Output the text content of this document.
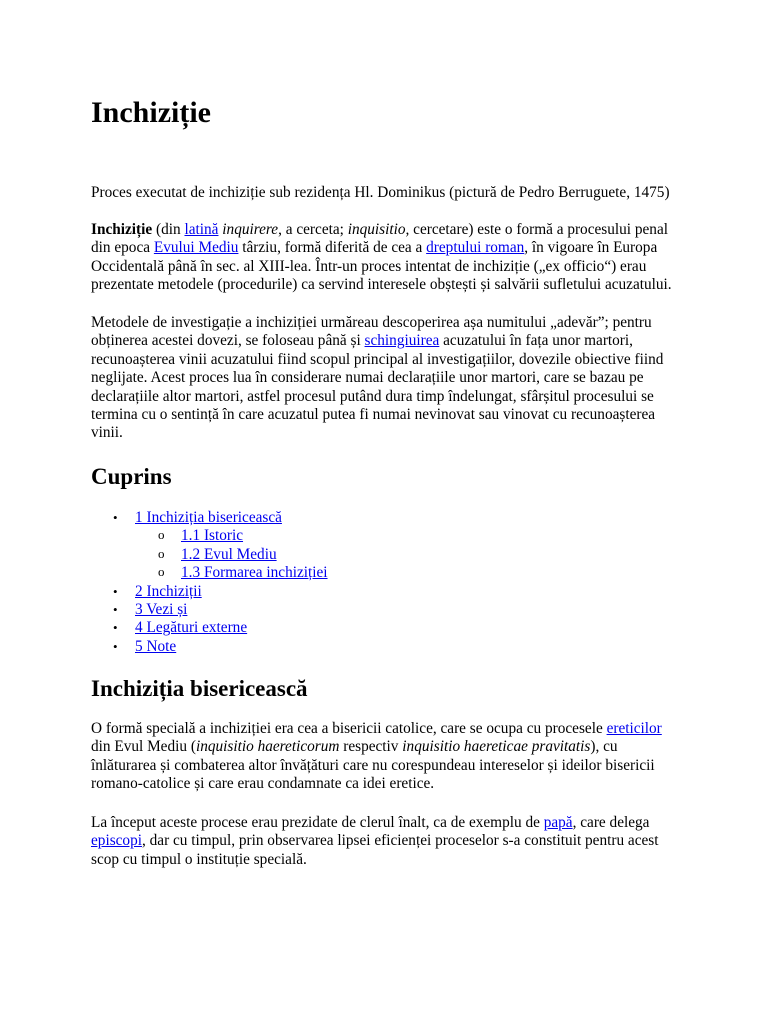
Inchiziție

Proces executat de inchiziție sub rezidența Hl. Dominikus (pictură de Pedro Berruguete, 1475)

Inchiziție (din latină inquirere, a cerceta; inquisitio, cercetare) este o formă a procesului penal din epoca Evului Mediu târziu, formă diferită de cea a dreptului roman, în vigoare în Europa Occidentală până în sec. al XIII-lea. Într-un proces intentat de inchiziție („ex officio“) erau prezentate metodele (procedurile) ca servind interesele obștești și salvării sufletului acuzatului.

Metodele de investigație a inchiziției urmăreau descoperirea așa numitului „adevăr”; pentru obținerea acestei dovezi, se foloseau până și schingiuirea acuzatului în fața unor martori, recunoașterea vinii acuzatului fiind scopul principal al investigațiilor, dovezile obiective fiind neglijate. Acest proces lua în considerare numai declarațiile unor martori, care se bazau pe declarațiile altor martori, astfel procesul putând dura timp îndelungat, sfârșitul procesului se termina cu o sentință în care acuzatul putea fi numai nevinovat sau vinovat cu recunoașterea vinii.

Cuprins
• 1 Inchiziția bisericească
o 1.1 Istoric
o 1.2 Evul Mediu
o 1.3 Formarea inchiziției
• 2 Inchiziții
• 3 Vezi și
• 4 Legături externe
• 5 Note
Inchiziția bisericească

O formă specială a inchiziției era cea a bisericii catolice, care se ocupa cu procesele ereticilor din Evul Mediu (inquisitio haereticorum respectiv inquisitio haereticae pravitatis), cu înlăturarea și combaterea altor învățături care nu corespundeau intereselor și ideilor bisericii romano-catolice și care erau condamnate ca idei eretice.

La început aceste procese erau prezidate de clerul înalt, ca de exemplu de papă, care delega episcopi, dar cu timpul, prin observarea lipsei eficienței proceselor s-a constituit pentru acest scop cu timpul o instituție specială.
